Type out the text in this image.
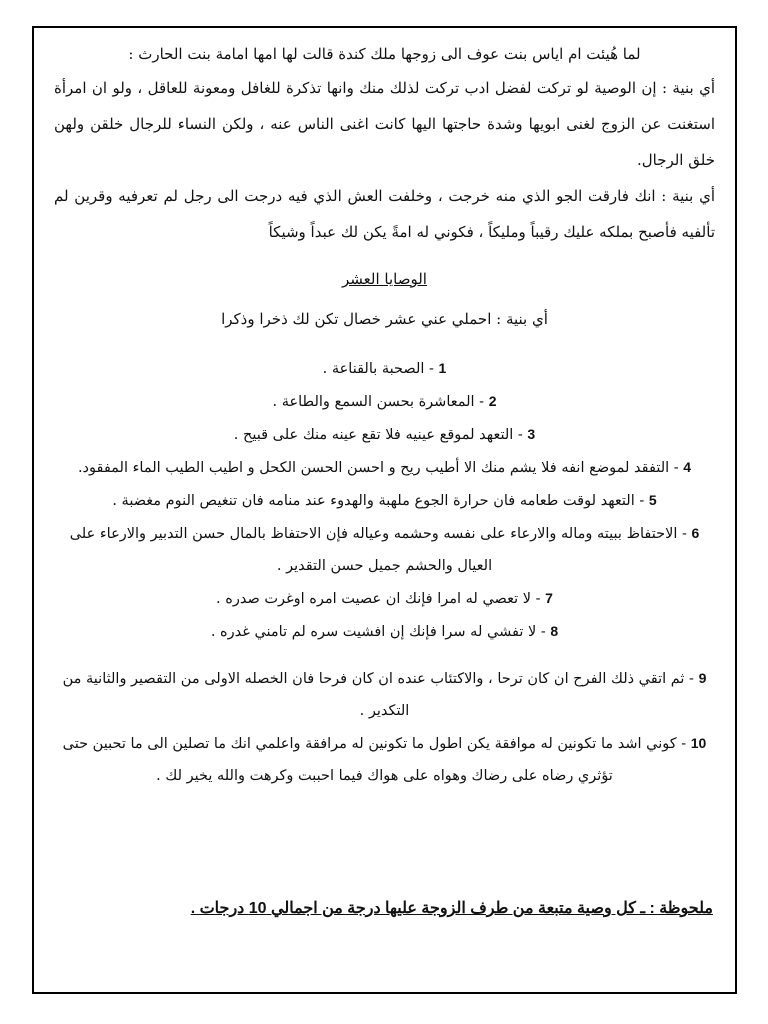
لما هُيئت ام اياس بنت عوف الى زوجها ملك كندة قالت لها امها امامة بنت الحارث :

أي بنية : إن الوصية لو تركت لفضل ادب تركت لذلك منك وانها تذكرة للغافل ومعونة للعاقل ، ولو ان امرأة استغنت عن الزوج لغنى ابويها وشدة حاجتها اليها كانت اغنى الناس عنه ، ولكن النساء للرجال خلقن ولهن خلق الرجال.

أي بنية : انك فارقت الجو الذي منه خرجت ، وخلفت العش الذي فيه درجت الى رجل لم تعرفيه وقرين لم تألفيه فأصبح بملكه عليك رقيباً ومليكاً ، فكوني له امةً يكن لك عبداً وشيكاً

الوصايا العشر

أي بنية : احملي عني عشر خصال تكن لك ذخرا وذكرا

1 - الصحبة بالقناعة .
2 - المعاشرة بحسن السمع والطاعة .
3 - التعهد لموقع عينيه فلا تقع عينه منك على قبيح .
4 - التفقد لموضع انفه فلا يشم منك الا أطيب ريح و احسن الحسن الكحل و اطيب الطيب الماء المفقود.
5 - التعهد لوقت طعامه فان حرارة الجوع ملهبة والهدوء عند منامه فان تنغيص النوم مغضبة .
6 - الاحتفاظ ببيته وماله والارعاء على نفسه وحشمه وعياله فإن الاحتفاظ بالمال حسن التدبير والارعاء على العيال والحشم جميل حسن التقدير .
7 - لا تعصي له امرا فإنك ان عصيت امره اوغرت صدره .
8 - لا تفشي له سرا فإنك إن افشيت سره لم تامني غدره .
9 - ثم اتقي ذلك الفرح ان كان ترحا ، والاكتئاب عنده ان كان فرحا فان الخصله الاولى من التقصير والثانية من التكدير .
10 - كوني اشد ما تكونين له موافقة يكن اطول ما تكونين له مرافقة واعلمي انك ما تصلين الى ما تحبين حتى تؤثري رضاه على رضاك وهواه على هواك فيما احببت وكرهت والله يخير لك .

ملحوظة : ـ كل وصية متبعة من طرف الزوجة عليها درجة من اجمالي 10 درجات .
